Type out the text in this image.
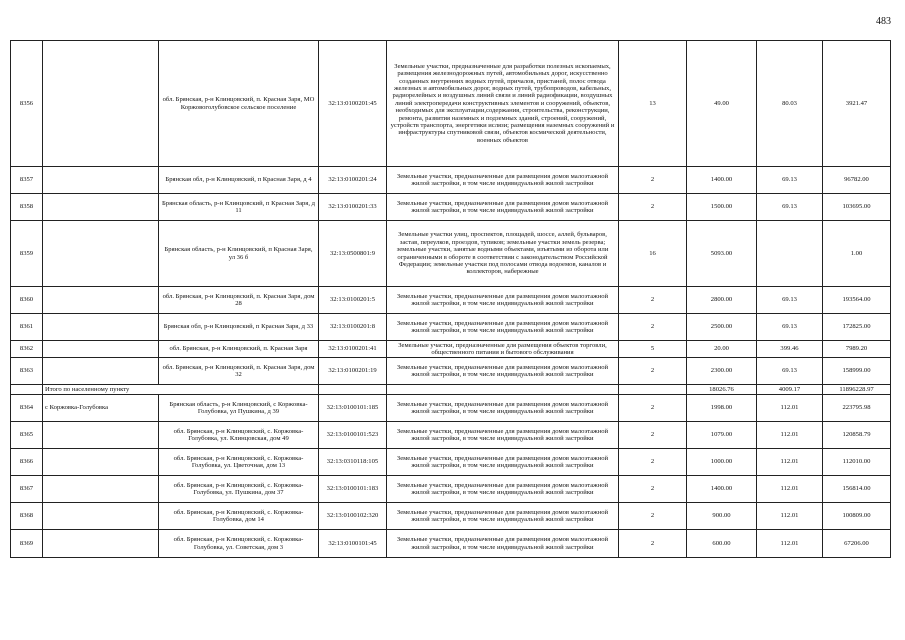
483
8356		обл. Брянская, р-н Клинцовский, п. Красная Заря, МО Коржовоголубовское сельское поселение	32:13:0100201:45	Земельные участки, предназначенные для разработки полезных ископаемых, размещения железнодорожных путей, автомобильных дорог, искусственно созданных внутренних водных путей, причалов, пристаней, полос отвода железных и автомобильных дорог, водных путей, трубопроводов, кабельных, радиорелейных и воздушных линий связи и линий радиофикации, воздушных линий электропередачи конструктивных элементов и сооружений, объектов, необходимых для эксплуатации,содержания, строительства, реконструкции, ремонта, развития наземных и подземных зданий, строений, сооружений, устройств транспорта, энергетики ислязи; размещения наземных сооружений и инфраструктуры спутниковой связи, объектов космической деятельности, военных объектов	13	49.00	80.03	3921.47
8357		Брянская обл, р-н Клинцовский, п Красная Заря, д 4	32:13:0100201:24	Земельные участки, предназначенные для размещения домов малоэтажной жилой застройки, в том числе индивидуальной жилой застройки	2	1400.00	69.13	96782.00
8358		Брянская область, р-н Клинцовский, п Красная Заря, д 11	32:13:0100201:33	Земельные участки, предназначенные для размещения домов малоэтажной жилой застройки, в том числе индивидуальной жилой застройки	2	1500.00	69.13	103695.00
8359		Брянская область, р-н Клинцовский, п Красная Заря, ул 36 б	32:13:0500801:9	Земельные участки улиц, проспектов, площадей, шоссе, аллей, бульваров, застав, переулков, проездов, тупиков; земельные участки земель резерва; земельные участки, занятые водными объектами, изъятыми из оборота или ограниченными в обороте в соответствии с законодательством Российской Федерации; земельные участки под полосами отвода водоемов, каналов и коллекторов, набережные	16	5093.00		1.00
8360		обл. Брянская, р-н Клинцовский, п. Красная Заря, дом 28	32:13:0100201:5	Земельные участки, предназначенные для размещения домов малоэтажной жилой застройки, в том числе индивидуальной жилой застройки	2	2800.00	69.13	193564.00
8361		Брянская обл, р-н Клинцовский, п Красная Заря, д 33	32:13:0100201:8	Земельные участки, предназначенные для размещения домов малоэтажной жилой застройки, в том числе индивидуальной жилой застройки	2	2500.00	69.13	172825.00
8362		обл. Брянская, р-н Клинцовский, п. Красная Заря	32:13:0100201:41	Земельные участки, предназначенные для размещения объектов торговли, общественного питания и бытового обслуживания	5	20.00	399.46	7989.20
8363		обл. Брянская, р-н Клинцовский, п. Красная Заря, дом 32	32:13:0100201:19	Земельные участки, предназначенные для размещения домов малоэтажной жилой застройки, в том числе индивидуальной жилой застройки	2	2300.00	69.13	158999.00
	Итого по населенному пункту					18026.76	4009.17	11896228.97
8364	с Коржовка-Голубовка	Брянская область, р-н Клинцовский, с Коржовка-Голубовка, ул Пушкина, д 39	32:13:0100101:185	Земельные участки, предназначенные для размещения домов малоэтажной жилой застройки, в том числе индивидуальной жилой застройки	2	1998.00	112.01	223795.98
8365		обл. Брянская, р-н Клинцовский, с. Коржовка-Голубовка, ул. Клинцовская, дом 49	32:13:0100101:523	Земельные участки, предназначенные для размещения домов малоэтажной жилой застройки, в том числе индивидуальной жилой застройки	2	1079.00	112.01	120858.79
8366		обл. Брянская, р-н Клинцовский, с. Коржовка-Голубовка, ул. Цветочная, дом 13	32:13:0310118:105	Земельные участки, предназначенные для размещения домов малоэтажной жилой застройки, в том числе индивидуальной жилой застройки	2	1000.00	112.01	112010.00
8367		обл. Брянская, р-н Клинцовский, с. Коржовка-Голубовка, ул. Пушкина, дом 37	32:13:0100101:183	Земельные участки, предназначенные для размещения домов малоэтажной жилой застройки, в том числе индивидуальной жилой застройки	2	1400.00	112.01	156814.00
8368		обл. Брянская, р-н Клинцовский, с. Коржовка-Голубовка, дом 14	32:13:0100102:320	Земельные участки, предназначенные для размещения домов малоэтажной жилой застройки, в том числе индивидуальной жилой застройки	2	900.00	112.01	100809.00
8369		обл. Брянская, р-н Клинцовский, с. Коржовка-Голубовка, ул. Советская, дом 3	32:13:0100101:45	Земельные участки, предназначенные для размещения домов малоэтажной жилой застройки, в том числе индивидуальной жилой застройки	2	600.00	112.01	67206.00
